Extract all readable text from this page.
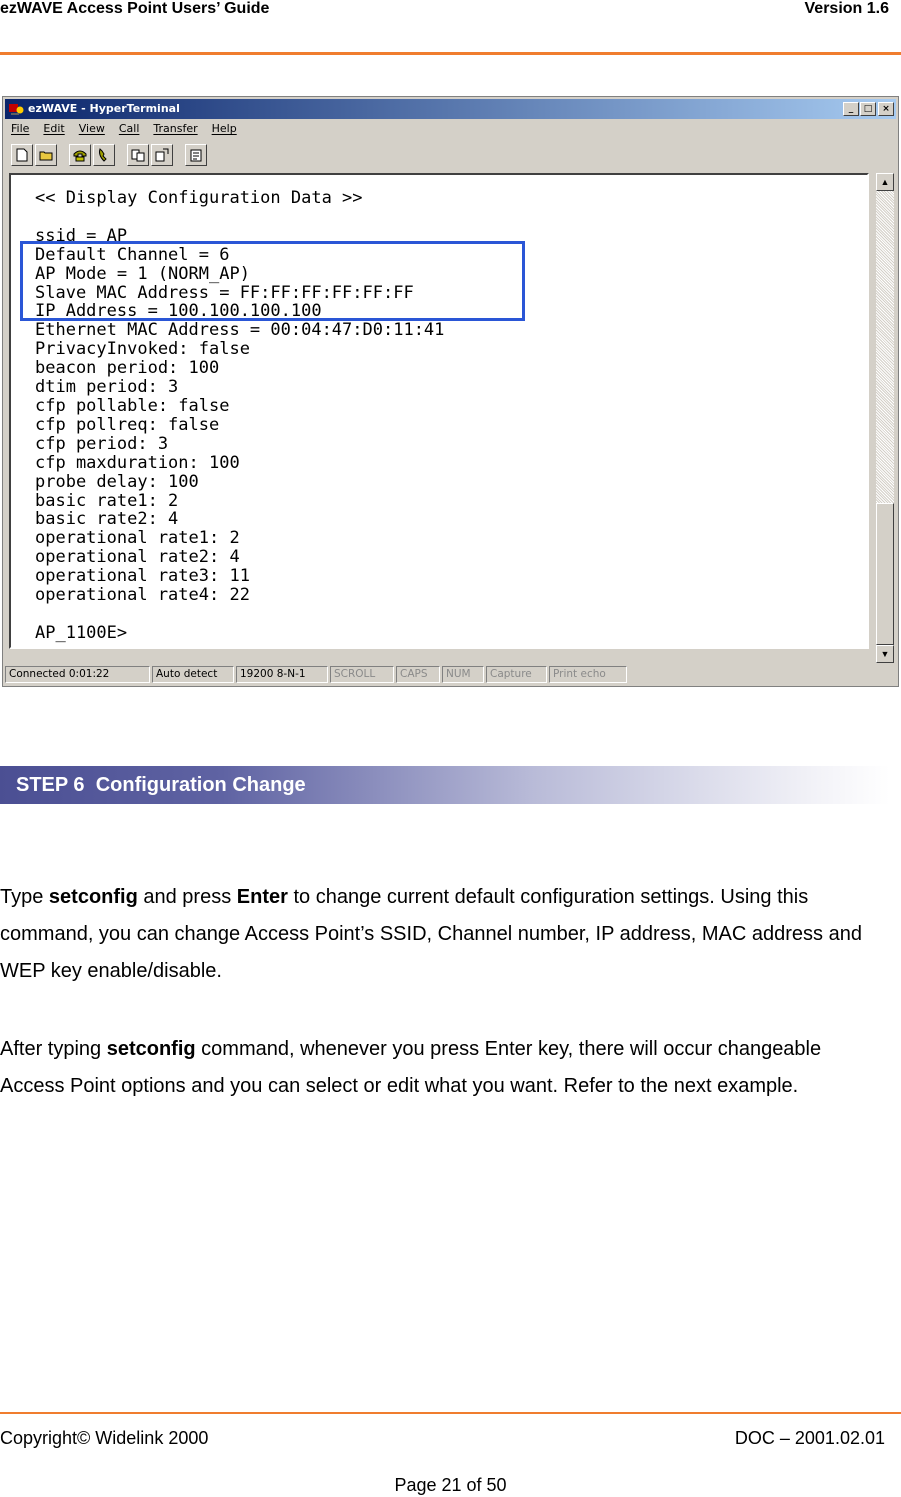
ezWAVE Access Point Users’ Guide	Version 1.6
ezWAVE - HyperTerminal	_	□	×
File Edit View Call Transfer Help
<< Display Configuration Data >>

ssid = AP
Default Channel = 6
AP Mode = 1 (NORM_AP)
Slave MAC Address = FF:FF:FF:FF:FF:FF
IP Address = 100.100.100.100
Ethernet MAC Address = 00:04:47:D0:11:41
PrivacyInvoked: false
beacon period: 100
dtim period: 3
cfp pollable: false
cfp pollreq: false
cfp period: 3
cfp maxduration: 100
probe delay: 100
basic rate1: 2
basic rate2: 4
operational rate1: 2
operational rate2: 4
operational rate3: 11
operational rate4: 22

AP_1100E>
▲
▼
Connected 0:01:22	Auto detect	19200 8-N-1	SCROLL	CAPS	NUM	Capture	Print echo
STEP 6 Configuration Change
Type setconfig and press Enter to change current default configuration settings. Using this command, you can change Access Point’s SSID, Channel number, IP address, MAC address and WEP key enable/disable.
After typing setconfig command, whenever you press Enter key, there will occur changeable Access Point options and you can select or edit what you want. Refer to the next example.
Copyright© Widelink 2000	DOC – 2001.02.01
Page 21 of 50
